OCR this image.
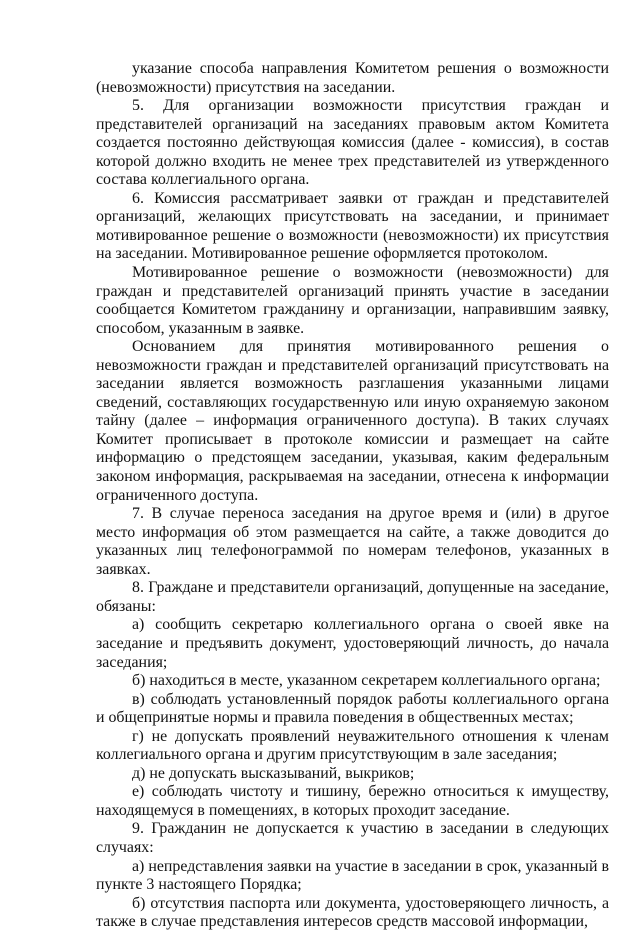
указание способа направления Комитетом решения о возможности (невозможности) присутствия на заседании.

5. Для организации возможности присутствия граждан и представителей организаций на заседаниях правовым актом Комитета создается постоянно действующая комиссия (далее - комиссия), в состав которой должно входить не менее трех представителей из утвержденного состава коллегиального органа.

6. Комиссия рассматривает заявки от граждан и представителей организаций, желающих присутствовать на заседании, и принимает мотивированное решение о возможности (невозможности) их присутствия на заседании. Мотивированное решение оформляется протоколом.

Мотивированное решение о возможности (невозможности) для граждан и представителей организаций принять участие в заседании сообщается Комитетом гражданину и организации, направившим заявку, способом, указанным в заявке.

Основанием для принятия мотивированного решения о невозможности граждан и представителей организаций присутствовать на заседании является возможность разглашения указанными лицами сведений, составляющих государственную или иную охраняемую законом тайну (далее – информация ограниченного доступа). В таких случаях Комитет прописывает в протоколе комиссии и размещает на сайте информацию о предстоящем заседании, указывая, каким федеральным законом информация, раскрываемая на заседании, отнесена к информации ограниченного доступа.

7. В случае переноса заседания на другое время и (или) в другое место информация об этом размещается на сайте, а также доводится до указанных лиц телефонограммой по номерам телефонов, указанных в заявках.

8. Граждане и представители организаций, допущенные на заседание, обязаны:

а) сообщить секретарю коллегиального органа о своей явке на заседание и предъявить документ, удостоверяющий личность, до начала заседания;

б) находиться в месте, указанном секретарем коллегиального органа;

в) соблюдать установленный порядок работы коллегиального органа и общепринятые нормы и правила поведения в общественных местах;

г) не допускать проявлений неуважительного отношения к членам коллегиального органа и другим присутствующим в зале заседания;

д) не допускать высказываний, выкриков;

е) соблюдать чистоту и тишину, бережно относиться к имуществу, находящемуся в помещениях, в которых проходит заседание.

9. Гражданин не допускается к участию в заседании в следующих случаях:

а) непредставления заявки на участие в заседании в срок, указанный в пункте 3 настоящего Порядка;

б) отсутствия паспорта или документа, удостоверяющего личность, а также в случае представления интересов средств массовой информации,
